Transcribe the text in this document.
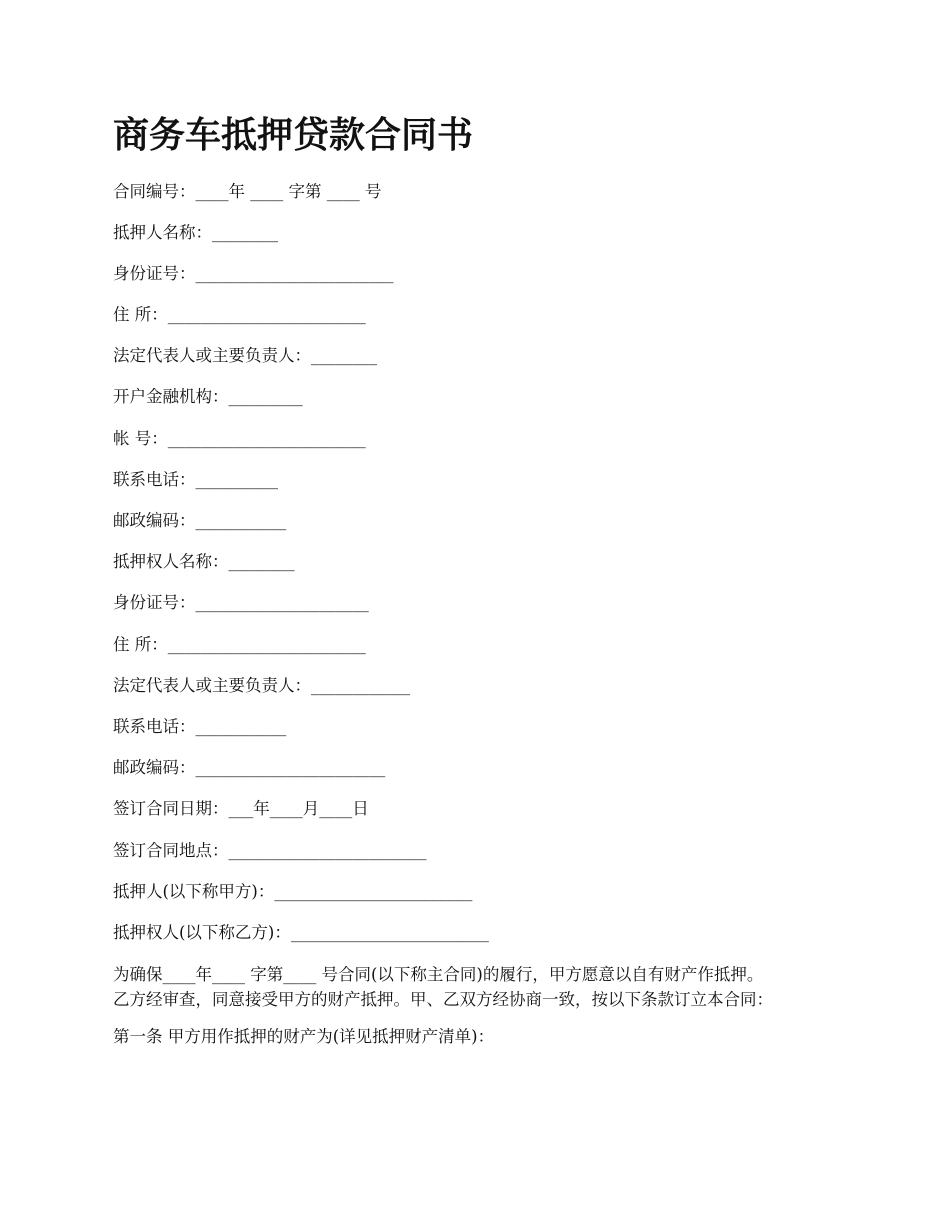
商务车抵押贷款合同书
合同编号：____年 ____ 字第 ____ 号
抵押人名称：________
身份证号：________________________
住 所：________________________
法定代表人或主要负责人：________
开户金融机构：_________
帐 号：________________________
联系电话：__________
邮政编码：___________
抵押权人名称：________
身份证号：_____________________
住 所：________________________
法定代表人或主要负责人：____________
联系电话：___________
邮政编码：_______________________
签订合同日期：___年____月____日
签订合同地点：________________________
抵押人(以下称甲方)：________________________
抵押权人(以下称乙方)：________________________
为确保____年____ 字第____ 号合同(以下称主合同)的履行，甲方愿意以自有财产作抵押。
乙方经审查，同意接受甲方的财产抵押。甲、乙双方经协商一致，按以下条款订立本合同：
第一条 甲方用作抵押的财产为(详见抵押财产清单)：
